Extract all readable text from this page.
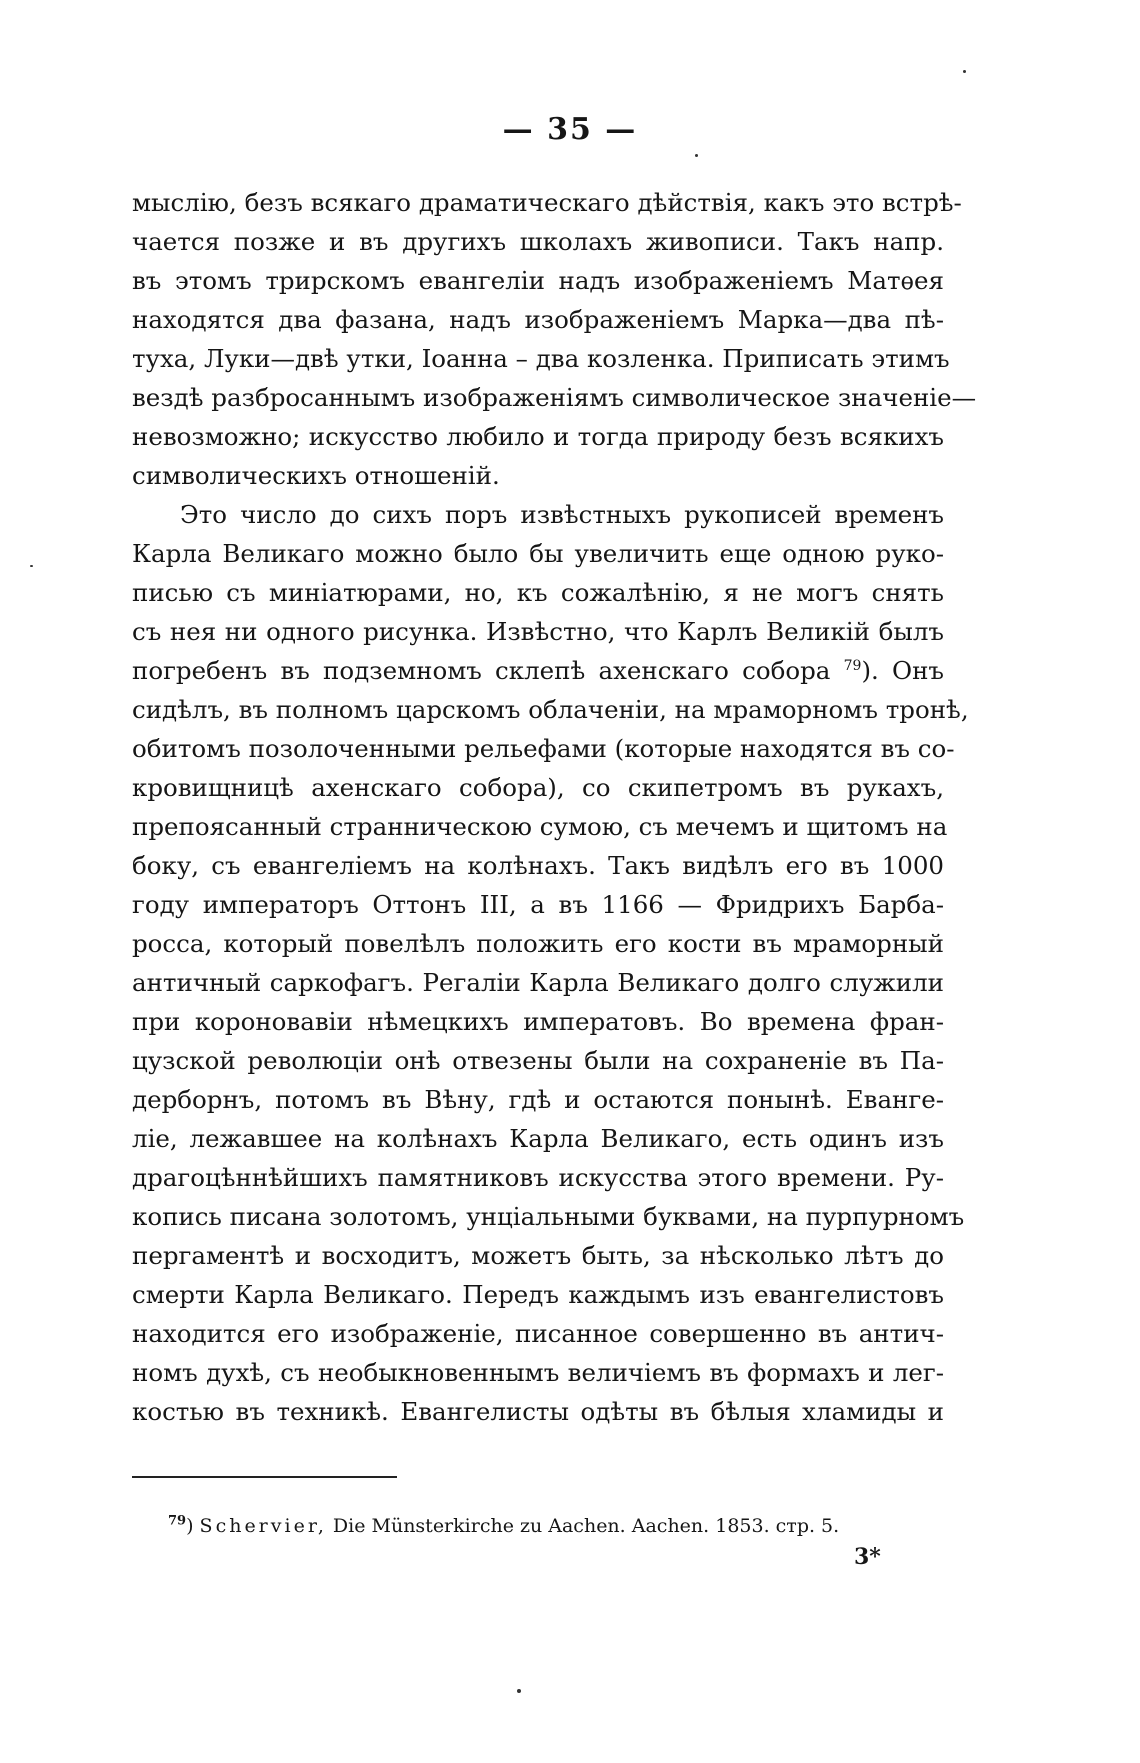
— 35 —
мыслію, безъ всякаго драматическаго дѣйствія, какъ это встрѣ-
чается позже и въ другихъ школахъ живописи. Такъ напр.
въ этомъ трирскомъ евангеліи надъ изображеніемъ Матѳея
находятся два фазана, надъ изображеніемъ Марка—два пѣ-
туха, Луки—двѣ утки, Іоанна – два козленка. Приписать этимъ
вездѣ разбросаннымъ изображеніямъ символическое значеніе—
невозможно; искусство любило и тогда природу безъ всякихъ
символическихъ отношеній.
Это число до сихъ поръ извѣстныхъ рукописей временъ
Карла Великаго можно было бы увеличить еще одною руко-
писью съ миніатюрами, но, къ сожалѣнію, я не могъ снять
съ нея ни одного рисунка. Извѣстно, что Карлъ Великій былъ
погребенъ въ подземномъ склепѣ ахенскаго собора $^{79}$). Онъ
сидѣлъ, въ полномъ царскомъ облаченіи, на мраморномъ тронѣ,
обитомъ позолоченными рельефами (которые находятся въ со-
кровищницѣ ахенскаго собора), со скипетромъ въ рукахъ,
препоясанный странническою сумою, съ мечемъ и щитомъ на
боку, съ евангеліемъ на колѣнахъ. Такъ видѣлъ его въ 1000
году императоръ Оттонъ III, а въ 1166 — Фридрихъ Барба-
росса, который повелѣлъ положить его кости въ мраморный
античный саркофагъ. Регаліи Карла Великаго долго служили
при короновавіи нѣмецкихъ императовъ. Во времена фран-
цузской революціи онѣ отвезены были на сохраненіе въ Па-
дерборнъ, потомъ въ Вѣну, гдѣ и остаются понынѣ. Еванге-
ліе, лежавшее на колѣнахъ Карла Великаго, есть одинъ изъ
драгоцѣннѣйшихъ памятниковъ искусства этого времени. Ру-
копись писана золотомъ, унціальными буквами, на пурпурномъ
пергаментѣ и восходитъ, можетъ быть, за нѣсколько лѣтъ до
смерти Карла Великаго. Передъ каждымъ изъ евангелистовъ
находится его изображеніе, писанное совершенно въ антич-
номъ духѣ, съ необыкновеннымъ величіемъ въ формахъ и лег-
костью въ техникѣ. Евангелисты одѣты въ бѣлыя хламиды и
$^{79}$) Schervier, Die Münsterkirche zu Aachen. Aachen. 1853. стр. 5.
3*
